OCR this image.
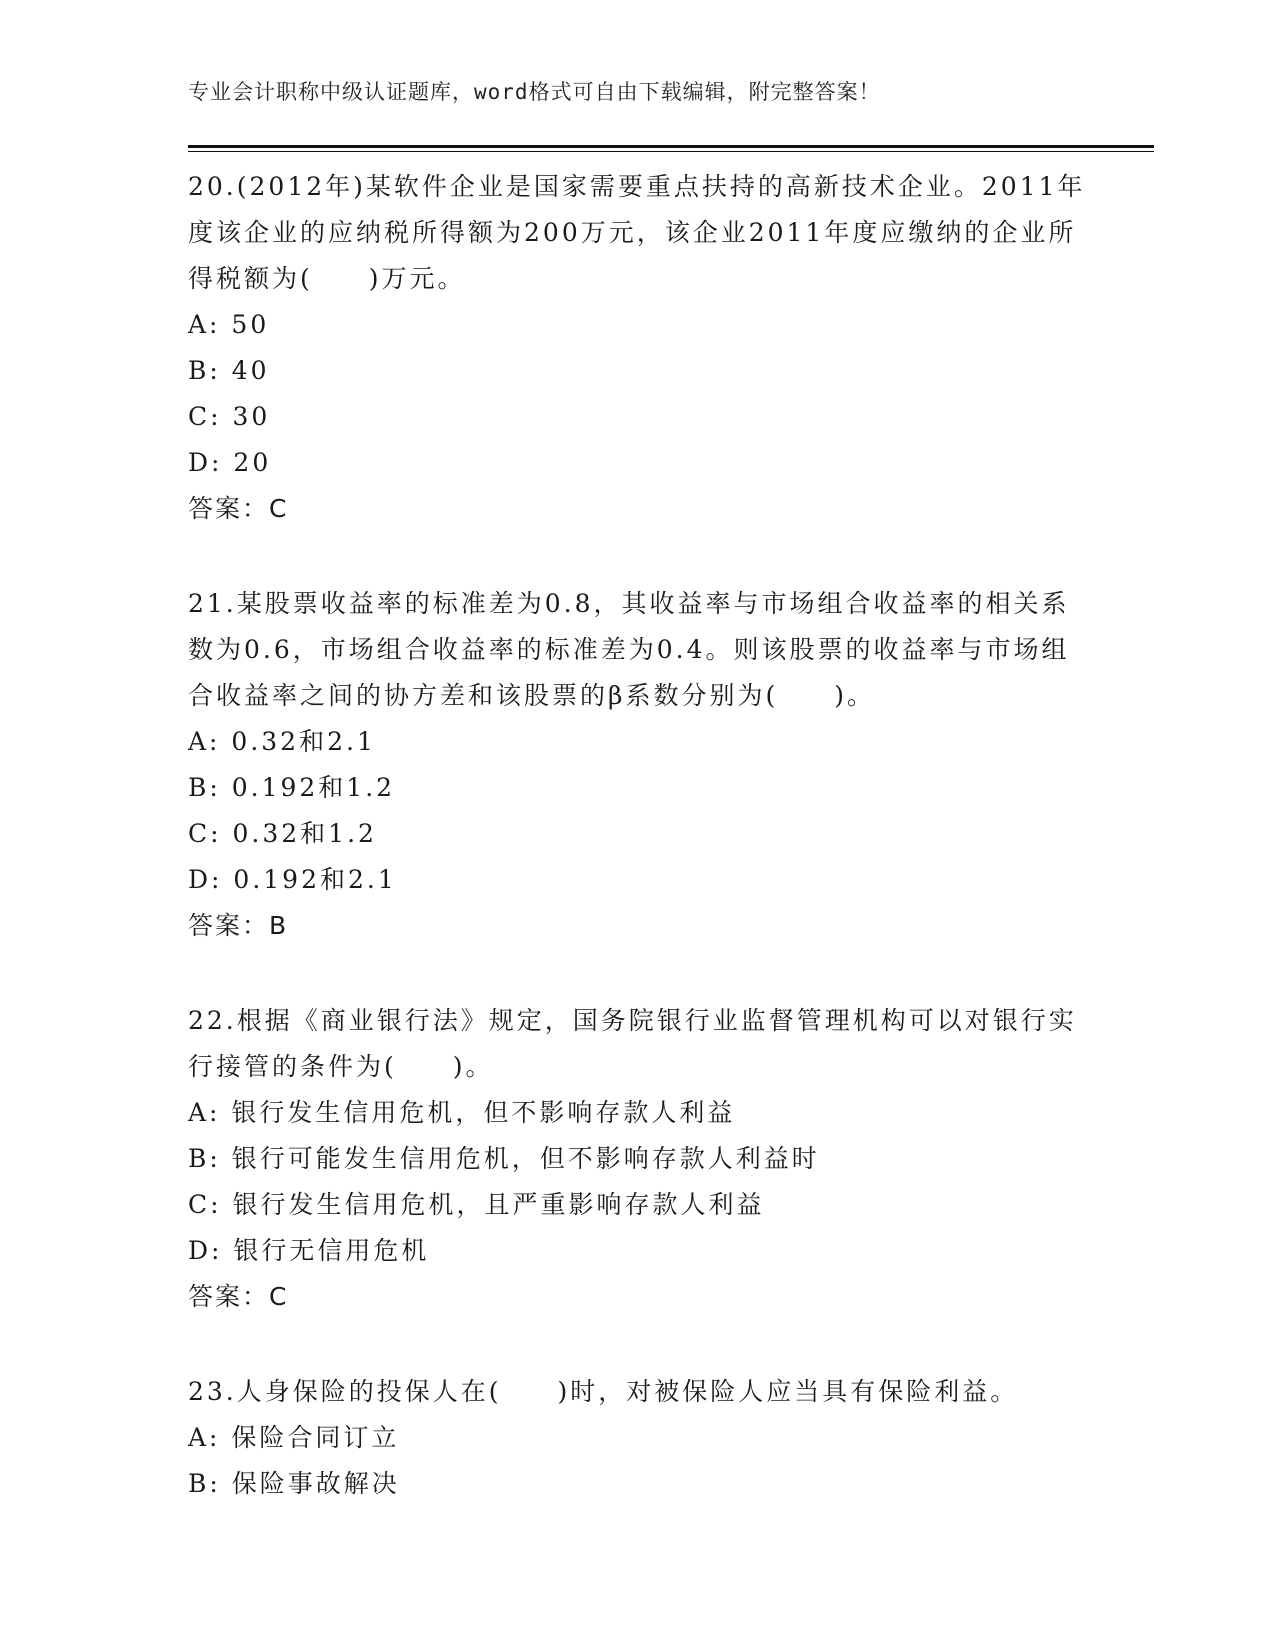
专业会计职称中级认证题库，word格式可自由下载编辑，附完整答案！

20.(2012年)某软件企业是国家需要重点扶持的高新技术企业。2011年度该企业的应纳税所得额为200万元，该企业2011年度应缴纳的企业所得税额为(　　)万元。

A: 50

B: 40

C: 30

D: 20

答案：C

21.某股票收益率的标准差为0.8，其收益率与市场组合收益率的相关系数为0.6，市场组合收益率的标准差为0.4。则该股票的收益率与市场组合收益率之间的协方差和该股票的β系数分别为(　　)。

A: 0.32和2.1

B: 0.192和1.2

C: 0.32和1.2

D: 0.192和2.1

答案：B

22.根据《商业银行法》规定，国务院银行业监督管理机构可以对银行实行接管的条件为(　　)。

A: 银行发生信用危机，但不影响存款人利益

B: 银行可能发生信用危机，但不影响存款人利益时

C: 银行发生信用危机，且严重影响存款人利益

D: 银行无信用危机

答案：C

23.人身保险的投保人在(　　)时，对被保险人应当具有保险利益。

A: 保险合同订立

B: 保险事故解决
